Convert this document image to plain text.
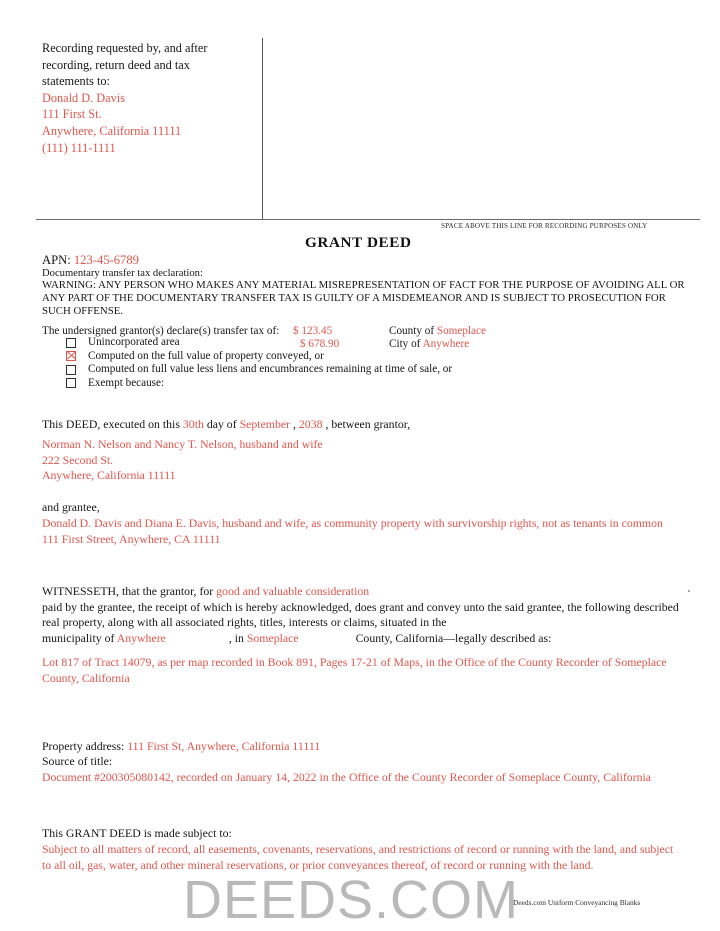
Recording requested by, and after
recording, return deed and tax
statements to:
Donald D. Davis
111 First St.
Anywhere, California 11111
(111) 111-1111
SPACE ABOVE THIS LINE FOR RECORDING PURPOSES ONLY
GRANT DEED
APN: 123-45-6789
Documentary transfer tax declaration:
WARNING: ANY PERSON WHO MAKES ANY MATERIAL MISREPRESENTATION OF FACT FOR THE PURPOSE OF AVOIDING ALL OR ANY PART OF THE DOCUMENTARY TRANSFER TAX IS GUILTY OF A MISDEMEANOR AND IS SUBJECT TO PROSECUTION FOR SUCH OFFENSE.
The undersigned grantor(s) declare(s) transfer tax of: $ 123.45
$ 678.90
County of Someplace
City of Anywhere
Unincorporated area
Computed on the full value of property conveyed, or
Computed on full value less liens and encumbrances remaining at time of sale, or
Exempt because:
This DEED, executed on this 30th day of September , 2038 , between grantor,
Norman N. Nelson and Nancy T. Nelson, husband and wife
222 Second St.
Anywhere, California 11111
and grantee,
Donald D. Davis and Diana E. Davis, husband and wife, as community property with survivorship rights, not as tenants in common
111 First Street, Anywhere, CA 11111
WITNESSETH, that the grantor, for good and valuable consideration
paid by the grantee, the receipt of which is hereby acknowledged, does grant and convey unto the said grantee, the following described real property, along with all associated rights, titles, interests or claims, situated in the
municipality of Anywhere	, in Someplace	County, California—legally described as:
Lot 817 of Tract 14079, as per map recorded in Book 891, Pages 17-21 of Maps, in the Office of the County Recorder of Someplace County, California
Property address: 111 First St, Anywhere, California 11111
Source of title:
Document #200305080142, recorded on January 14, 2022 in the Office of the County Recorder of Someplace County, California
This GRANT DEED is made subject to:
Subject to all matters of record, all easements, covenants, reservations, and restrictions of record or running with the land, and subject to all oil, gas, water, and other mineral reservations, or prior conveyances thereof, of record or running with the land.
DEEDS.COM
Deeds.com Uniform Conveyancing Blanks
